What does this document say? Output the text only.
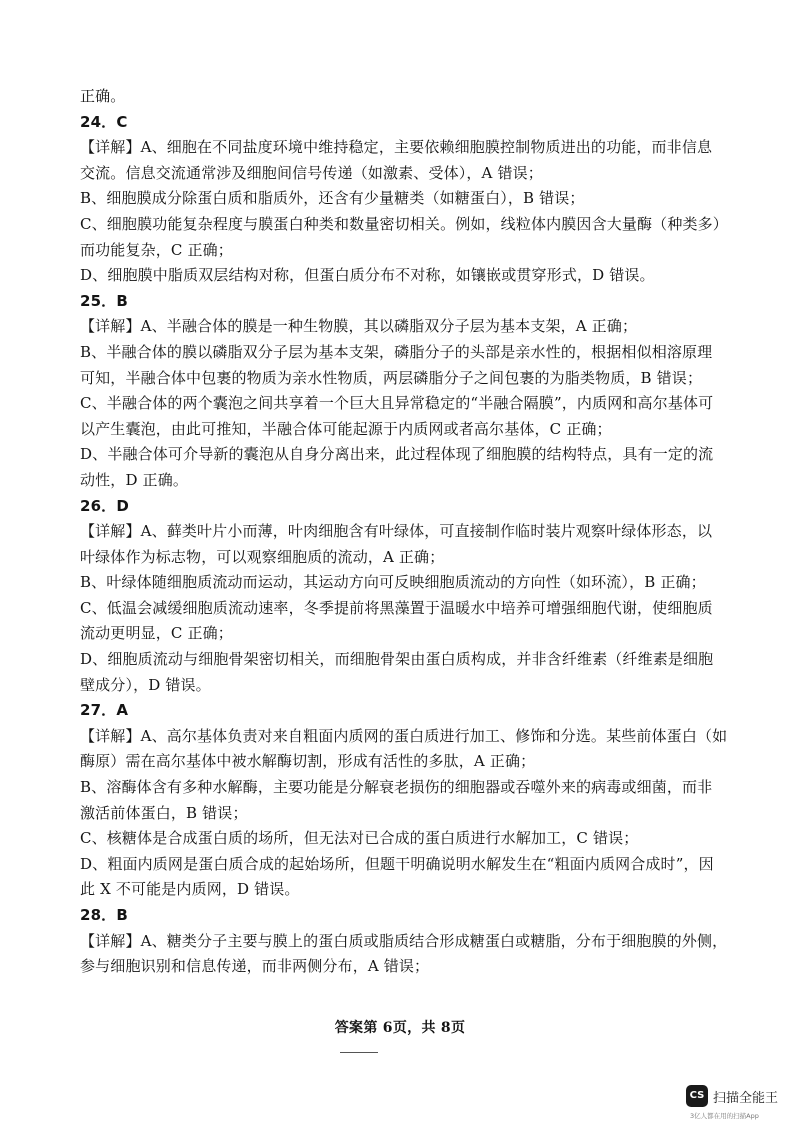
正确。
24．C
【详解】A、细胞在不同盐度环境中维持稳定，主要依赖细胞膜控制物质进出的功能，而非信息
交流。信息交流通常涉及细胞间信号传递（如激素、受体），A 错误；
B、细胞膜成分除蛋白质和脂质外，还含有少量糖类（如糖蛋白），B 错误；
C、细胞膜功能复杂程度与膜蛋白种类和数量密切相关。例如，线粒体内膜因含大量酶（种类多）
而功能复杂，C 正确；
D、细胞膜中脂质双层结构对称，但蛋白质分布不对称，如镶嵌或贯穿形式，D 错误。
25．B
【详解】A、半融合体的膜是一种生物膜，其以磷脂双分子层为基本支架，A 正确；
B、半融合体的膜以磷脂双分子层为基本支架，磷脂分子的头部是亲水性的，根据相似相溶原理
可知，半融合体中包裹的物质为亲水性物质，两层磷脂分子之间包裹的为脂类物质，B 错误；
C、半融合体的两个囊泡之间共享着一个巨大且异常稳定的“半融合隔膜”，内质网和高尔基体可
以产生囊泡，由此可推知，半融合体可能起源于内质网或者高尔基体，C 正确；
D、半融合体可介导新的囊泡从自身分离出来，此过程体现了细胞膜的结构特点，具有一定的流
动性，D 正确。
26．D
【详解】A、藓类叶片小而薄，叶肉细胞含有叶绿体，可直接制作临时装片观察叶绿体形态，以
叶绿体作为标志物，可以观察细胞质的流动，A 正确；
B、叶绿体随细胞质流动而运动，其运动方向可反映细胞质流动的方向性（如环流），B 正确；
C、低温会减缓细胞质流动速率，冬季提前将黑藻置于温暖水中培养可增强细胞代谢，使细胞质
流动更明显，C 正确；
D、细胞质流动与细胞骨架密切相关，而细胞骨架由蛋白质构成，并非含纤维素（纤维素是细胞
壁成分），D 错误。
27．A
【详解】A、高尔基体负责对来自粗面内质网的蛋白质进行加工、修饰和分选。某些前体蛋白（如
酶原）需在高尔基体中被水解酶切割，形成有活性的多肽，A 正确；
B、溶酶体含有多种水解酶，主要功能是分解衰老损伤的细胞器或吞噬外来的病毒或细菌，而非
激活前体蛋白，B 错误；
C、核糖体是合成蛋白质的场所，但无法对已合成的蛋白质进行水解加工，C 错误；
D、粗面内质网是蛋白质合成的起始场所，但题干明确说明水解发生在“粗面内质网合成时”，因
此 X 不可能是内质网，D 错误。
28．B
【详解】A、糖类分子主要与膜上的蛋白质或脂质结合形成糖蛋白或糖脂，分布于细胞膜的外侧，
参与细胞识别和信息传递，而非两侧分布，A 错误；
答案第 6页，共 8页
CS 扫描全能王
3亿人都在用的扫描App
